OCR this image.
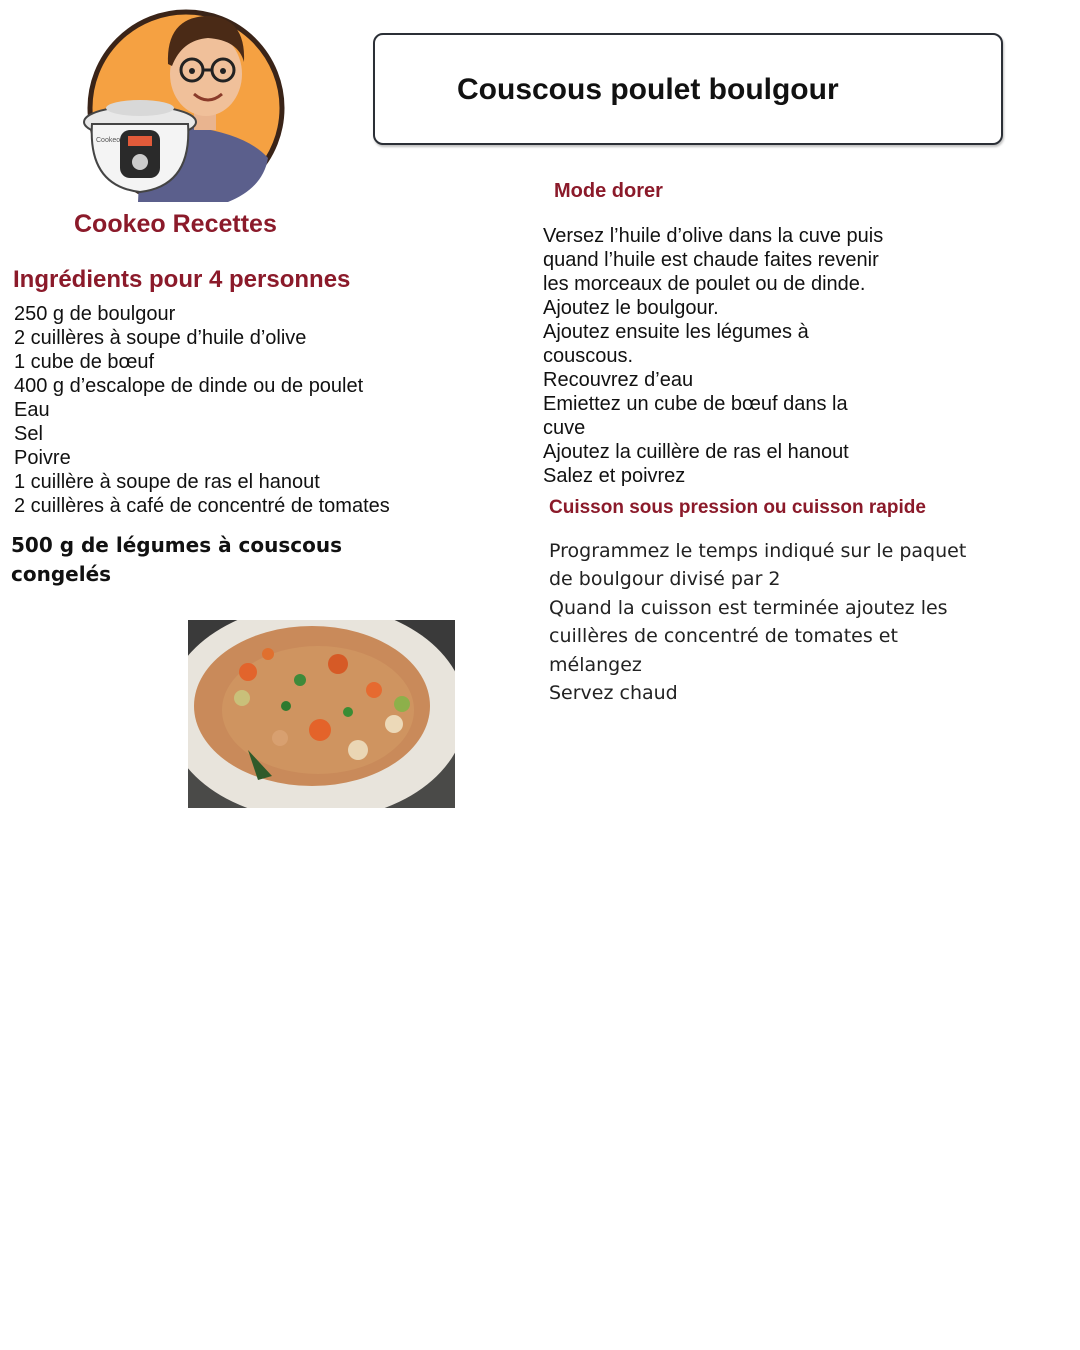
Cookeo
Cookeo Recettes
Couscous poulet boulgour
Ingrédients pour 4 personnes
250 g de boulgour
2 cuillères à soupe d’huile d’olive
1 cube de bœuf
400 g d’escalope de dinde ou de poulet
Eau
Sel
Poivre
1 cuillère à soupe de ras el hanout
2 cuillères à café de concentré de tomates
500 g de légumes à couscous congelés
Mode dorer
Versez l’huile d’olive dans la cuve puis
quand l’huile est chaude faites revenir
les morceaux de poulet ou de dinde.
Ajoutez le boulgour.
Ajoutez ensuite les légumes à
couscous.
Recouvrez d’eau
Emiettez un cube de bœuf dans la
cuve
Ajoutez la cuillère de ras el hanout
Salez et poivrez
Cuisson sous pression ou cuisson rapide
Programmez le temps indiqué sur le paquet
de boulgour divisé par 2
Quand la cuisson est terminée ajoutez les
cuillères de concentré de tomates et
mélangez
Servez chaud
